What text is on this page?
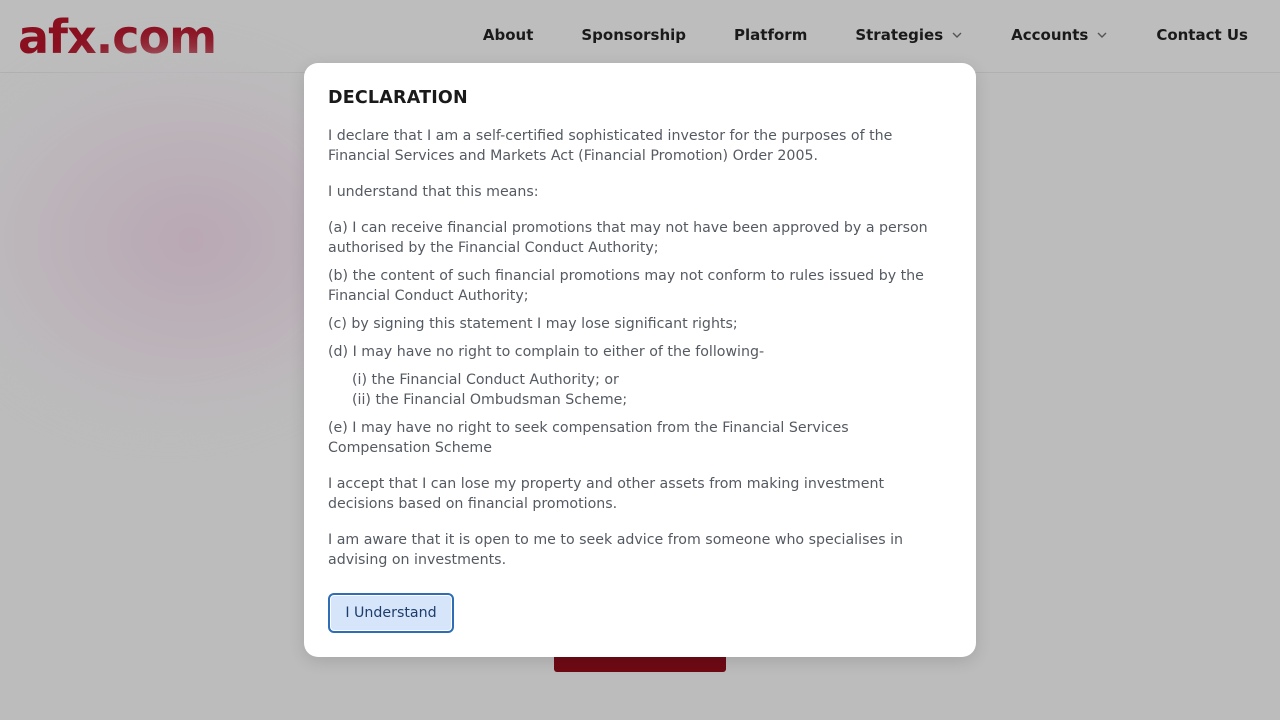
afx.com	About	Sponsorship	Platform	Strategies	Accounts	Contact Us
DECLARATION

I declare that I am a self-certified sophisticated investor for the purposes of the Financial Services and Markets Act (Financial Promotion) Order 2005.

I understand that this means:

(a) I can receive financial promotions that may not have been approved by a person authorised by the Financial Conduct Authority;

(b) the content of such financial promotions may not conform to rules issued by the Financial Conduct Authority;

(c) by signing this statement I may lose significant rights;

(d) I may have no right to complain to either of the following-

(i) the Financial Conduct Authority; or

(ii) the Financial Ombudsman Scheme;

(e) I may have no right to seek compensation from the Financial Services Compensation Scheme

I accept that I can lose my property and other assets from making investment decisions based on financial promotions.

I am aware that it is open to me to seek advice from someone who specialises in advising on investments.

I Understand
